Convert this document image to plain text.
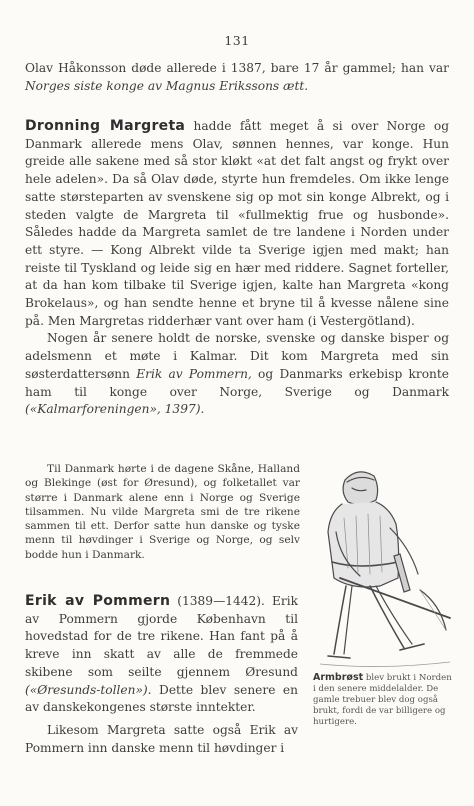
131

Olav Håkonsson døde allerede i 1387, bare 17 år gammel; han var Norges siste konge av Magnus Erikssons ætt.

Dronning Margreta hadde fått meget å si over Norge og Danmark allerede mens Olav, sønnen hennes, var konge. Hun greide alle sakene med så stor kløkt «at det falt angst og frykt over hele adelen». Da så Olav døde, styrte hun fremdeles. Om ikke lenge satte størsteparten av svenskene sig op mot sin konge Albrekt, og i steden valgte de Margreta til «fullmektig frue og husbonde». Således hadde da Margreta samlet de tre landene i Norden under ett styre. — Kong Albrekt vilde ta Sverige igjen med makt; han reiste til Tyskland og leide sig en hær med riddere. Sagnet forteller, at da han kom tilbake til Sverige igjen, kalte han Margreta «kong Brokelaus», og han sendte henne et bryne til å kvesse nålene sine på. Men Margretas ridderhær vant over ham (i Vestergötland).

Nogen år senere holdt de norske, svenske og danske bisper og adelsmenn et møte i Kalmar. Dit kom Margreta med sin søsterdattersønn Erik av Pommern, og Danmarks erkebisp kronte ham til konge over Norge, Sverige og Danmark («Kalmarforeningen», 1397).

Til Danmark hørte i de dagene Skåne, Halland og Blekinge (øst for Øresund), og folketallet var større i Danmark alene enn i Norge og Sverige tilsammen. Nu vilde Margreta smi de tre rikene sammen til ett. Derfor satte hun danske og tyske menn til høvdinger i Sverige og Norge, og selv bodde hun i Danmark.

Erik av Pommern (1389—1442). Erik av Pommern gjorde København til hovedstad for de tre rikene. Han fant på å kreve inn skatt av alle de fremmede skibene som seilte gjennem Øresund («Øresunds-tollen»). Dette blev senere en av danskekongenes største inntekter.

Armbrøst blev brukt i Norden i den senere middelalder. De gamle trebuer blev dog også brukt, fordi de var billigere og hurtigere.

Likesom Margreta satte også Erik av Pommern inn danske menn til høvdinger i
